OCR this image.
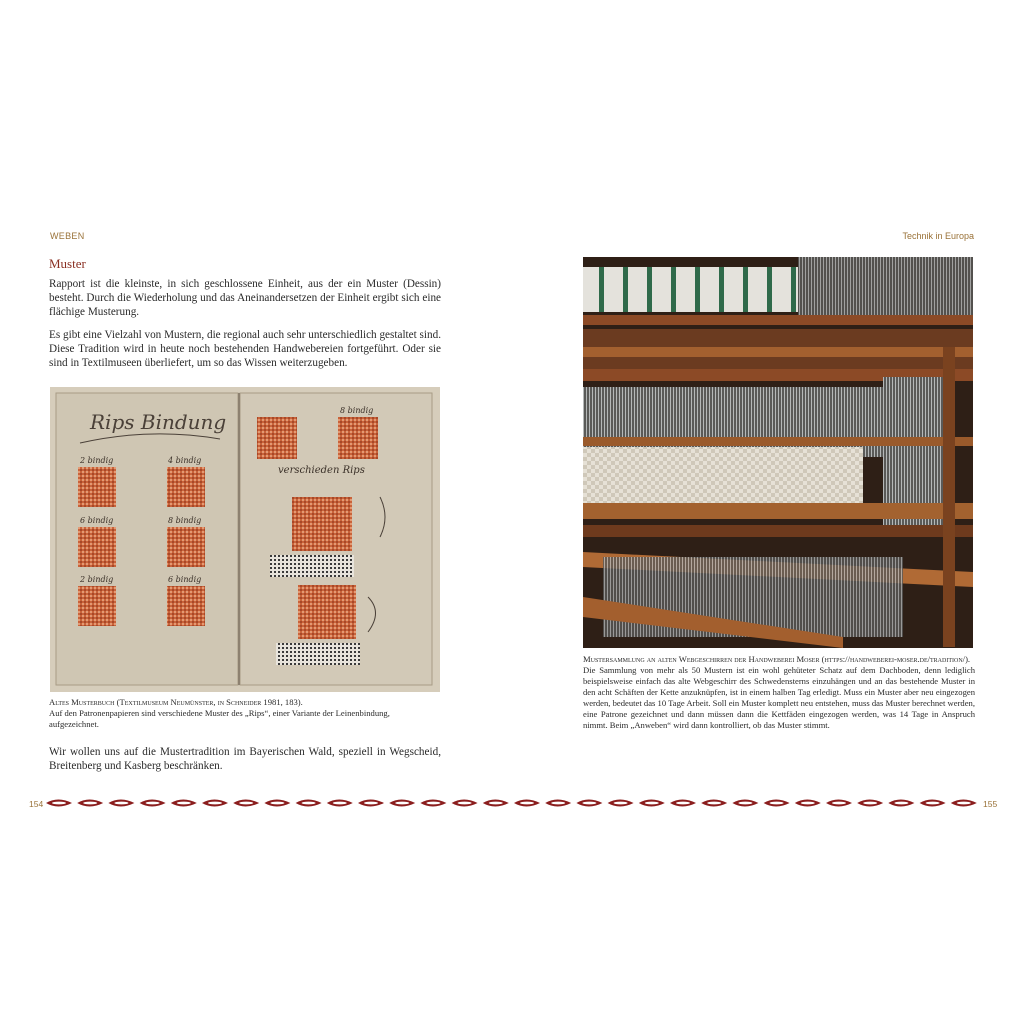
WEBEN	Technik in Europa
Muster

Rapport ist die kleinste, in sich geschlossene Einheit, aus der ein Muster (Dessin) besteht. Durch die Wiederholung und das Aneinandersetzen der Einheit ergibt sich eine flächige Musterung.

Es gibt eine Vielzahl von Mustern, die regional auch sehr unterschiedlich gestaltet sind. Diese Tradition wird in heute noch bestehenden Handwebereien fortgeführt. Oder sie sind in Textilmuseen überliefert, um so das Wissen weiterzugeben.

Rips Bindung
2 bindig	4 bindig
6 bindig	8 bindig
2 bindig	6 bindig
8 bindig
verschieden Rips

Altes Musterbuch (Textilmuseum Neumünster, in Schneider 1981, 183).

Auf den Patronenpapieren sind verschiedene Muster des „Rips“, einer Variante der Leinenbindung, aufgezeichnet.

Wir wollen uns auf die Mustertradition im Bayerischen Wald, speziell in Wegscheid, Breitenberg und Kasberg beschränken.

Mustersammlung an alten Webgeschirren der Handweberei Moser (https://handweberei-moser.de/tradition/).

Die Sammlung von mehr als 50 Mustern ist ein wohl gehüteter Schatz auf dem Dachboden, denn lediglich beispielsweise einfach das alte Webgeschirr des Schwedensterns einzuhängen und an das bestehende Muster in den acht Schäften der Kette anzuknüpfen, ist in einem halben Tag erledigt. Muss ein Muster aber neu eingezogen werden, bedeutet das 10 Tage Arbeit. Soll ein Muster komplett neu entstehen, muss das Muster berechnet werden, eine Patrone gezeichnet und dann müssen dann die Kettfäden eingezogen werden, was 14 Tage in Anspruch nimmt. Beim „Anweben“ wird dann kontrolliert, ob das Muster stimmt.

154	155
